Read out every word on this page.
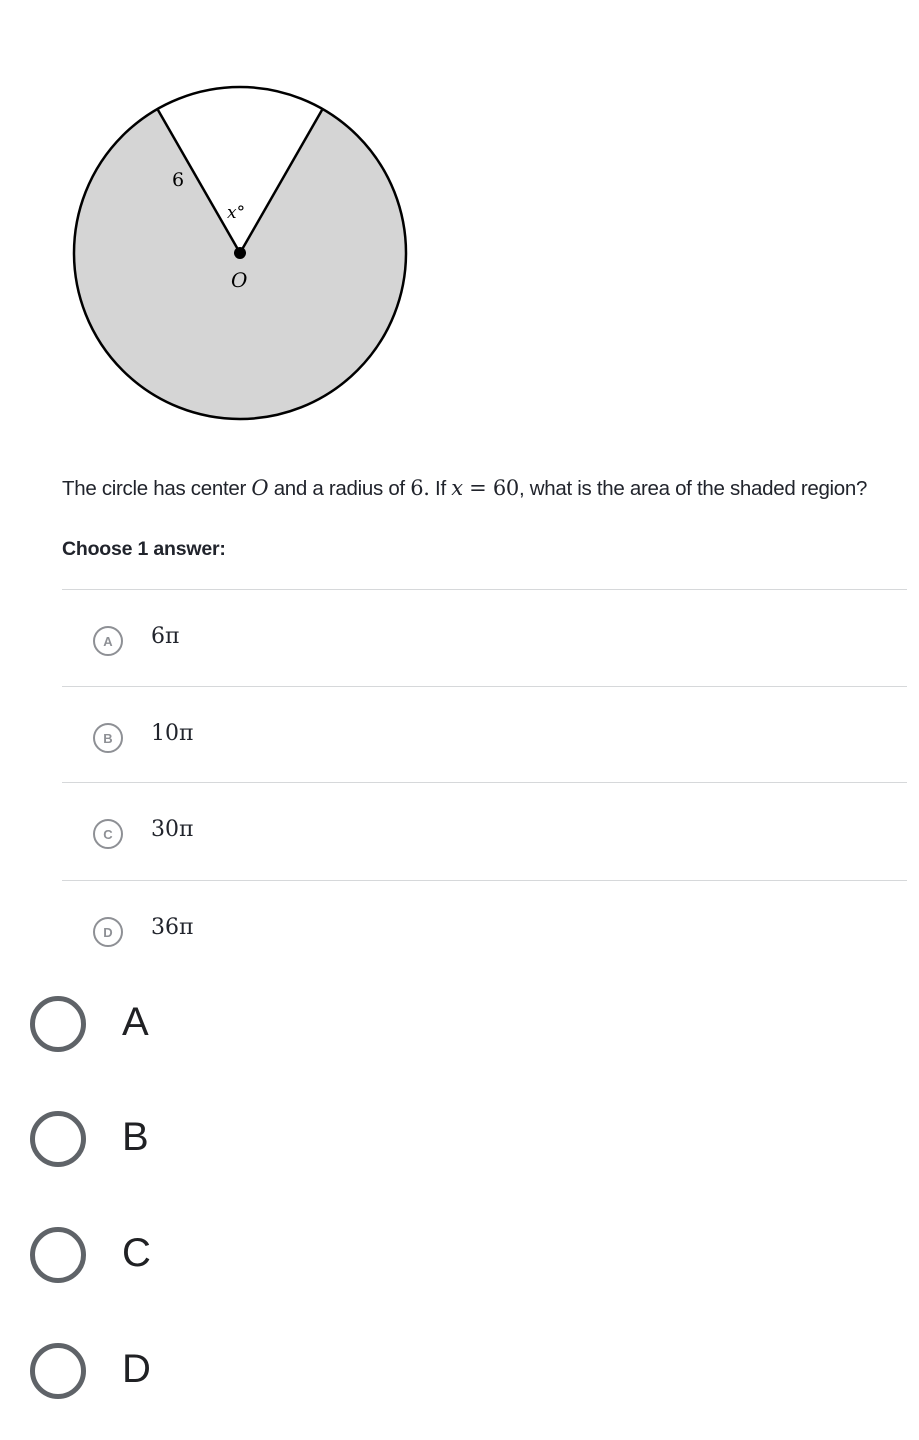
6
x°
O
The circle has center O and a radius of 6. If x = 60, what is the area of the shaded region?
Choose 1 answer:
A	6π
B	10π
C	30π
D	36π
A
B
C
D
